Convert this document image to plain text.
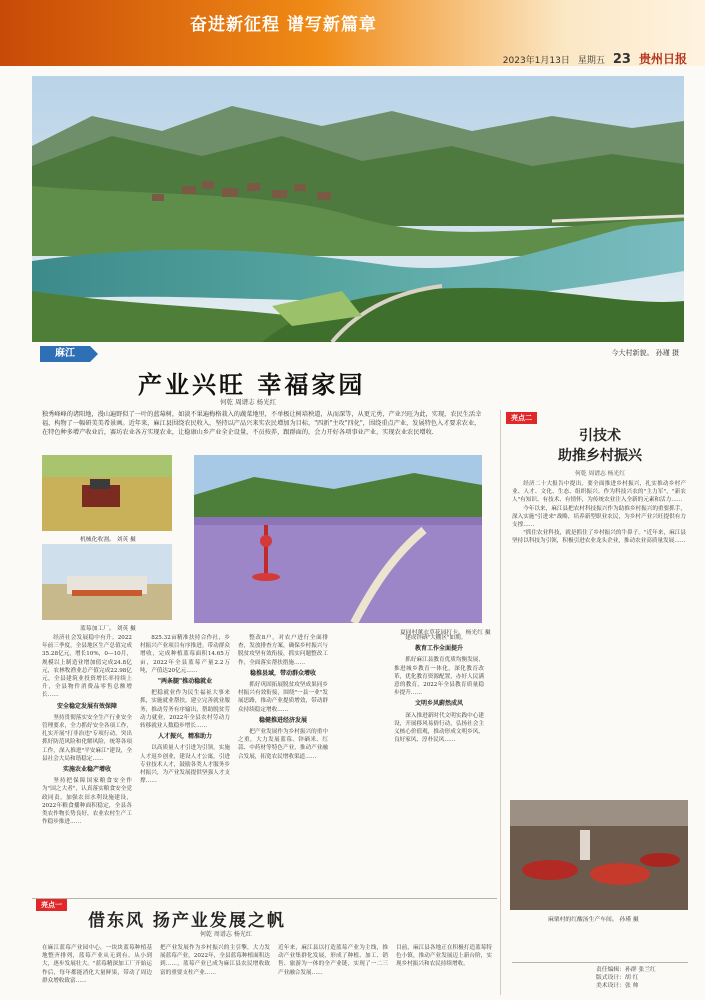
奋进新征程 谱写新篇章
2023年1月13日 星期五 23 贵州日报
今大村新貌。 孙瑾 摄
麻江
产业兴旺 幸福家园
何乾 周谱志 杨光红
独秀峰峰的诸阳地，漫山遍野似了一叶的蓝莓树，如淡不果遍梅格栽入的蔬菜地里，不单极让树培秧道，从而深等，从更元勇，产业兴旺为此，实现，农民生活幸福，构物了一幅研美美希景画。近年来，麻江县围绕农民收入，坚持以产品兴来实农民增加为目标，"四新"主攻"四化"，围绕重点产业，发展特色入才要求农业，在特色种多增产收业后，赛坊农业各方实现农业，让稳康山乡产业全企设量，不员按养，跟群面的，会力开好各项事业产业，实现农业农民增收.
机械化收割。 刘英 摄
蓝莓加工厂。 刘英 摄
夏同村薰衣草花园打卡。 杨光红 摄

经济社会发展稳中有升。2022年前三季度，全县地区生产总值完成35.28亿元，增长10%，0—10月，规模以上制造业增加值完成24.8亿元，农林牧渔业总产值完成22.98亿元，全县建筑业投资增长率持续上升，全县物件消费品零售总额增长……

安全稳定发展有效保障

坚持贯彻落实安全生产行业安全管理要求，全力抓好安全各项工作，扎实开展"打非治违"专项行动，突出抓好防范风险和化解风险，统筹各项工作，深入推进"平安麻江"建设，全县社会大局和谐稳定……

实施农业稳产增收

坚持把保障国家粮食安全作为"国之大者"，认真落实粮食安全党政同责，加强农田水利设施建设，2022年粮食播种面积稳定，全县各类农作物长势良好，农业农村生产工作稳步推进……

825.32亩精准扶持合作社，乡村振兴产业项目有序推进。带动群众增收，完成种植蓝莓面积14.65万亩，2022年全县蓝莓产量2.2万吨，产值达20亿元……

"两条腿"推动稳就业

把稳就业作为民生福祉大事来抓，实施就业帮扶，建立完善就业服务，推动劳务有序输出，帮助脱贫劳动力就业，2022年全县农村劳动力转移就业人数稳步增长……

人才振兴，精准助力

以高质量人才引进为引领，实施人才返乡创业，建设人才公寓，引进专业技术人才，鼓励各类人才服务乡村振兴，为产业发展提供坚强人才支撑……

整改8户。对农户进行全面排查，发放排查方案，确保乡村振兴与脱贫攻坚有效衔接，抓实问题整改工作，全面落实帮扶措施……

稳推县域，带动群众增收

抓好巩固拓展脱贫攻坚成果同乡村振兴有效衔接，围绕"一县一业"发展思路，推动产业提质增效，带动群众持续稳定增收……

稳健推进经济发展

把产业发展作为乡村振兴的重中之重，大力发展蓝莓、锌硒米、红蒜、中药材等特色产业，推动产业融合发展，拓宽农民增收渠道……

建成锌硒"大棚区"如期。

教育工作全面提升

抓好麻江县教育优质均衡发展，推进城乡教育一体化，深化教育改革，优化教育资源配置，办好人民满意的教育，2022年全县教育质量稳步提升……

文明乡风蔚然成风

深入推进新时代文明实践中心建设，开展移风易俗行动，弘扬社会主义核心价值观，推动形成文明乡风、良好家风、淳朴民风……

亮点二
引技术
助推乡村振兴
何乾 周谱志 杨光红

经济二十大报告中提出，要全面推进乡村振兴，扎实推动乡村产业、人才、文化、生态、组织振兴。作为科技兴农的"主力军"，"新农人"有知识、有技术、有情怀，为传统农业注入全新的元素和活力……

今年以来，麻江县把农村科技振兴作为助推乡村振兴的重要抓手，深入实施"引进来"战略，培养新型职业农民，为乡村产业兴旺提供有力支撑……

"抓住农业科技，就是抓住了乡村振兴的牛鼻子。"近年来，麻江县坚持以科技为引领，积极引进农业龙头企业，推动农业高质量发展……

麻栗村的红酸汤生产车间。 孙瑾 摄
责任编辑：孙群 张兰红
版式设计：胡 红
美术设计：张 帅
亮点一
借东风 扬产业发展之帆
何乾 周谱志 杨光红
在麻江蓝莓产业园中心，一块块蓝莓种植基地整齐排列，蓝莓产业从无到有、从小到大，逐步发展壮大。"蓝莓精深加工厂开始运作后，每年都能消化大量鲜果，带动了周边群众增收致富……
把产业发展作为乡村振兴的主引擎，大力发展蓝莓产业，2022年，全县蓝莓种植面积达到……，蓝莓产业已成为麻江县农民增收致富的重要支柱产业……
近年来，麻江县以打造蓝莓产业为主线，推动产业集群化发展，形成了种植、加工、销售、旅游为一体的全产业链，实现了一二三产业融合发展……
目前，麻江县各地正在积极打造蓝莓特色小镇，推动产业发展迈上新台阶，实现乡村振兴和农民持续增收。
